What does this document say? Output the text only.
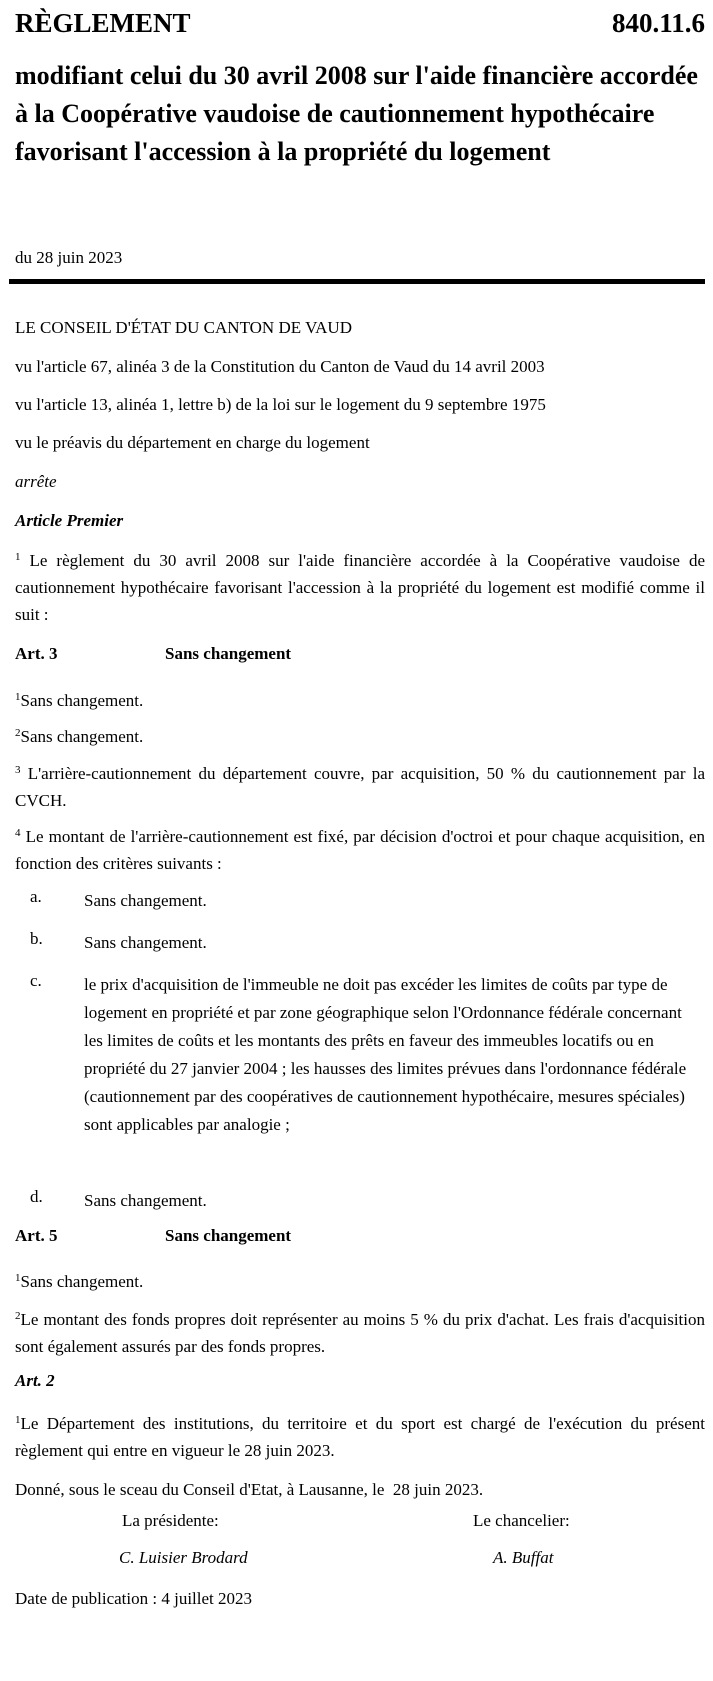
RÈGLEMENT	840.11.6
modifiant celui du 30 avril 2008 sur l'aide financière accordée à la Coopérative vaudoise de cautionnement hypothécaire favorisant l'accession à la propriété du logement
du 28 juin 2023
LE CONSEIL D'ÉTAT DU CANTON DE VAUD
vu l'article 67, alinéa 3 de la Constitution du Canton de Vaud du 14 avril 2003
vu l'article 13, alinéa 1, lettre b) de la loi sur le logement du 9 septembre 1975
vu le préavis du département en charge du logement
arrête
Article Premier
$^1$ Le règlement du 30 avril 2008 sur l'aide financière accordée à la Coopérative vaudoise de cautionnement hypothécaire favorisant l'accession à la propriété du logement est modifié comme il suit :
Art. 3	Sans changement
$^1$Sans changement.
$^2$Sans changement.
$^3$ L'arrière-cautionnement du département couvre, par acquisition, 50 % du cautionnement par la CVCH.
$^4$ Le montant de l'arrière-cautionnement est fixé, par décision d'octroi et pour chaque acquisition, en fonction des critères suivants :
a. Sans changement.
b. Sans changement.
c. le prix d'acquisition de l'immeuble ne doit pas excéder les limites de coûts par type de logement en propriété et par zone géographique selon l'Ordonnance fédérale concernant les limites de coûts et les montants des prêts en faveur des immeubles locatifs ou en propriété du 27 janvier 2004 ; les hausses des limites prévues dans l'ordonnance fédérale (cautionnement par des coopératives de cautionnement hypothécaire, mesures spéciales) sont applicables par analogie ;
d. Sans changement.
Art. 5	Sans changement
$^1$Sans changement.
$^2$Le montant des fonds propres doit représenter au moins 5 % du prix d'achat. Les frais d'acquisition sont également assurés par des fonds propres.
Art. 2
$^1$Le Département des institutions, du territoire et du sport est chargé de l'exécution du présent règlement qui entre en vigueur le 28 juin 2023.
Donné, sous le sceau du Conseil d'Etat, à Lausanne, le  28 juin 2023.
La présidente:	Le chancelier:
C. Luisier Brodard	A. Buffat
Date de publication : 4 juillet 2023
